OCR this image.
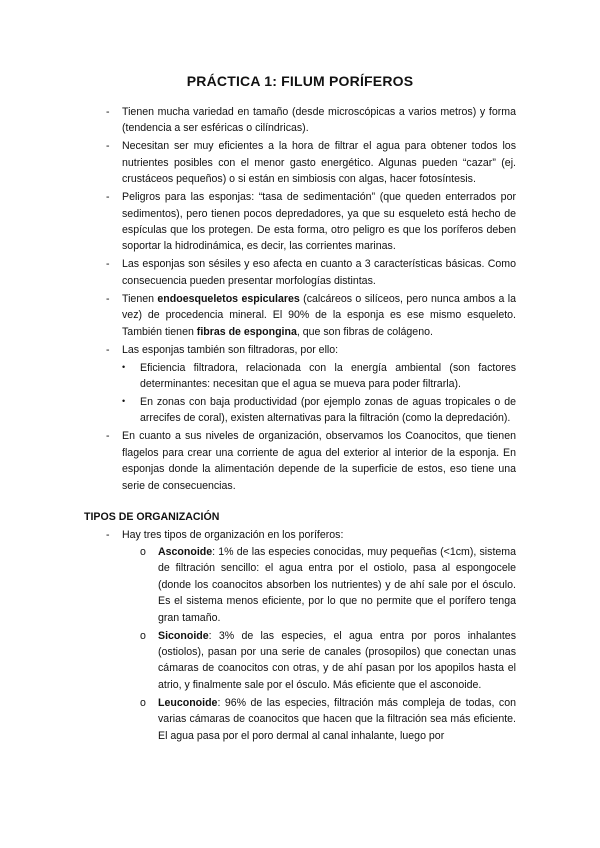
PRÁCTICA 1: FILUM PORÍFEROS
- Tienen mucha variedad en tamaño (desde microscópicas a varios metros) y forma (tendencia a ser esféricas o cilíndricas).
- Necesitan ser muy eficientes a la hora de filtrar el agua para obtener todos los nutrientes posibles con el menor gasto energético. Algunas pueden “cazar” (ej. crustáceos pequeños) o si están en simbiosis con algas, hacer fotosíntesis.
- Peligros para las esponjas: “tasa de sedimentación” (que queden enterrados por sedimentos), pero tienen pocos depredadores, ya que su esqueleto está hecho de espículas que los protegen. De esta forma, otro peligro es que los poríferos deben soportar la hidrodinámica, es decir, las corrientes marinas.
- Las esponjas son sésiles y eso afecta en cuanto a 3 características básicas. Como consecuencia pueden presentar morfologías distintas.
- Tienen endoesqueletos espiculares (calcáreos o silíceos, pero nunca ambos a la vez) de procedencia mineral. El 90% de la esponja es ese mismo esqueleto. También tienen fibras de espongina, que son fibras de colágeno.
- Las esponjas también son filtradoras, por ello:
• Eficiencia filtradora, relacionada con la energía ambiental (son factores determinantes: necesitan que el agua se mueva para poder filtrarla).
• En zonas con baja productividad (por ejemplo zonas de aguas tropicales o de arrecifes de coral), existen alternativas para la filtración (como la depredación).
- En cuanto a sus niveles de organización, observamos los Coanocitos, que tienen flagelos para crear una corriente de agua del exterior al interior de la esponja. En esponjas donde la alimentación depende de la superficie de estos, eso tiene una serie de consecuencias.
TIPOS DE ORGANIZACIÓN
- Hay tres tipos de organización en los poríferos:
o Asconoide: 1% de las especies conocidas, muy pequeñas (<1cm), sistema de filtración sencillo: el agua entra por el ostiolo, pasa al espongocele (donde los coanocitos absorben los nutrientes) y de ahí sale por el ósculo. Es el sistema menos eficiente, por lo que no permite que el porífero tenga gran tamaño.
o Siconoide: 3% de las especies, el agua entra por poros inhalantes (ostiolos), pasan por una serie de canales (prosopilos) que conectan unas cámaras de coanocitos con otras, y de ahí pasan por los apopilos hasta el atrio, y finalmente sale por el ósculo. Más eficiente que el asconoide.
o Leuconoide: 96% de las especies, filtración más compleja de todas, con varias cámaras de coanocitos que hacen que la filtración sea más eficiente. El agua pasa por el poro dermal al canal inhalante, luego por
